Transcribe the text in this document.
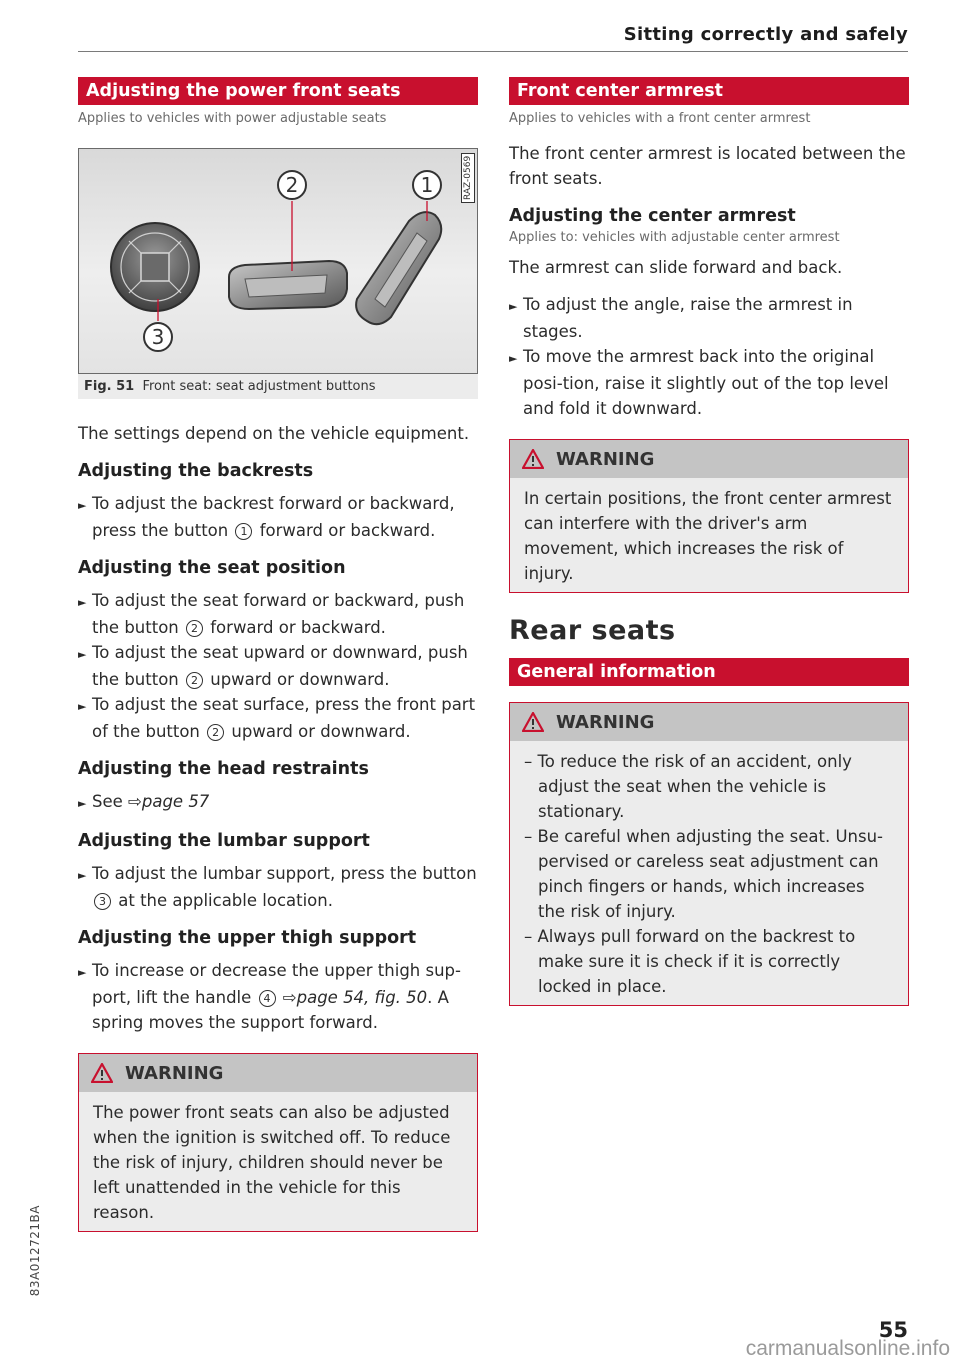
Sitting correctly and safely
Adjusting the power front seats
Applies to vehicles with power adjustable seats
RAZ-0569
2	1
3
Fig. 51 Front seat: seat adjustment buttons

The settings depend on the vehicle equipment.

Adjusting the backrests
► To adjust the backrest forward or backward, press the button 1 forward or backward.
Adjusting the seat position
► To adjust the seat forward or backward, push the button 2 forward or backward.
► To adjust the seat upward or downward, push the button 2 upward or downward.
► To adjust the seat surface, press the front part of the button 2 upward or downward.
Adjusting the head restraints
► See ⇨page 57
Adjusting the lumbar support
► To adjust the lumbar support, press the button 3 at the applicable location.
Adjusting the upper thigh support
► To increase or decrease the upper thigh sup-port, lift the handle 4 ⇨page 54, fig. 50. A spring moves the support forward.
WARNING
The power front seats can also be adjusted when the ignition is switched off. To reduce the risk of injury, children should never be left unattended in the vehicle for this reason.
Front center armrest
Applies to vehicles with a front center armrest

The front center armrest is located between the front seats.

Adjusting the center armrest
Applies to: vehicles with adjustable center armrest

The armrest can slide forward and back.

► To adjust the angle, raise the armrest in stages.
► To move the armrest back into the original posi-tion, raise it slightly out of the top level and fold it downward.
WARNING
In certain positions, the front center armrest can interfere with the driver's arm movement, which increases the risk of injury.
Rear seats
General information
WARNING
– To reduce the risk of an accident, only adjust the seat when the vehicle is stationary.
– Be careful when adjusting the seat. Unsu-pervised or careless seat adjustment can pinch fingers or hands, which increases the risk of injury.
– Always pull forward on the backrest to make sure it is check if it is correctly locked in place.
83A012721BA
55
carmanualsonline.info
